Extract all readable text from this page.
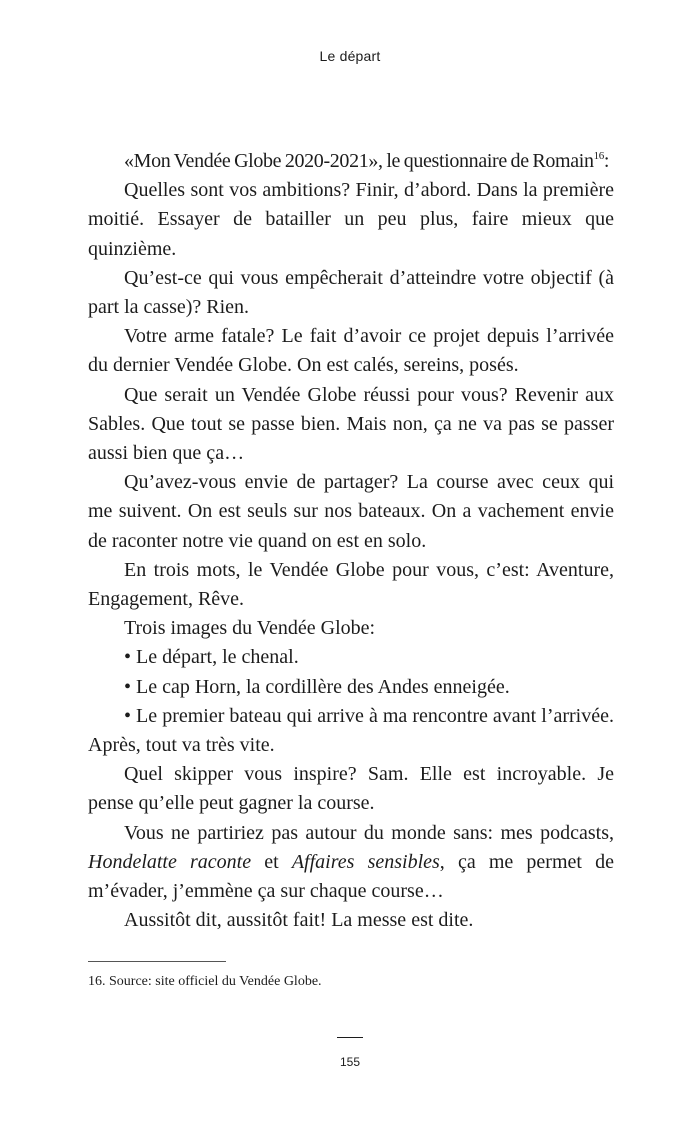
Le départ

«Mon Vendée Globe 2020-2021», le questionnaire de Romain$^{16}$:

Quelles sont vos ambitions? Finir, d’abord. Dans la première moitié. Essayer de batailler un peu plus, faire mieux que quinzième.

Qu’est-ce qui vous empêcherait d’atteindre votre objectif (à part la casse)? Rien.

Votre arme fatale? Le fait d’avoir ce projet depuis l’arrivée du dernier Vendée Globe. On est calés, sereins, posés.

Que serait un Vendée Globe réussi pour vous? Revenir aux Sables. Que tout se passe bien. Mais non, ça ne va pas se passer aussi bien que ça…

Qu’avez-vous envie de partager? La course avec ceux qui me suivent. On est seuls sur nos bateaux. On a vachement envie de raconter notre vie quand on est en solo.

En trois mots, le Vendée Globe pour vous, c’est: Aventure, Engagement, Rêve.

Trois images du Vendée Globe:

• Le départ, le chenal.

• Le cap Horn, la cordillère des Andes enneigée.

• Le premier bateau qui arrive à ma rencontre avant l’arrivée. Après, tout va très vite.

Quel skipper vous inspire? Sam. Elle est incroyable. Je pense qu’elle peut gagner la course.

Vous ne partiriez pas autour du monde sans: mes podcasts, Hondelatte raconte et Affaires sensibles, ça me permet de m’évader, j’emmène ça sur chaque course…

Aussitôt dit, aussitôt fait! La messe est dite.

16. Source: site officiel du Vendée Globe.
155
